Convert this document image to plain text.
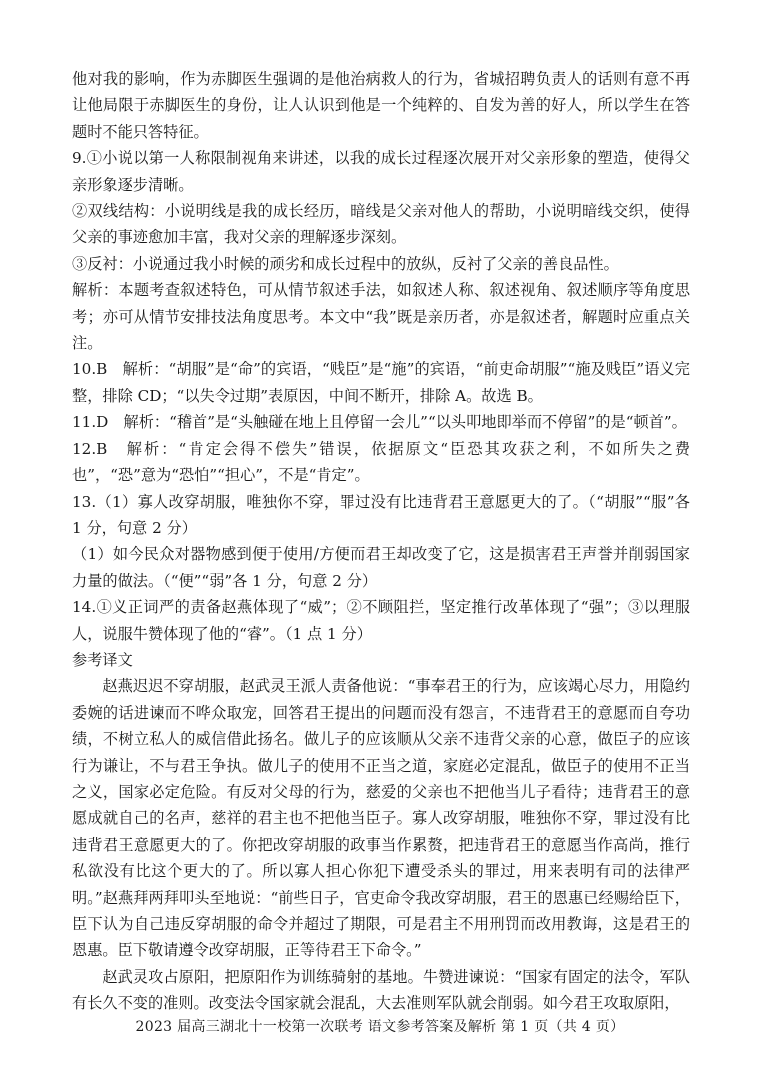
他对我的影响，作为赤脚医生强调的是他治病救人的行为，省城招聘负责人的话则有意不再让他局限于赤脚医生的身份，让人认识到他是一个纯粹的、自发为善的好人，所以学生在答题时不能只答特征。

9.①小说以第一人称限制视角来讲述，以我的成长过程逐次展开对父亲形象的塑造，使得父亲形象逐步清晰。

②双线结构：小说明线是我的成长经历，暗线是父亲对他人的帮助，小说明暗线交织，使得父亲的事迹愈加丰富，我对父亲的理解逐步深刻。

③反衬：小说通过我小时候的顽劣和成长过程中的放纵，反衬了父亲的善良品性。

解析：本题考查叙述特色，可从情节叙述手法，如叙述人称、叙述视角、叙述顺序等角度思考；亦可从情节安排技法角度思考。本文中“我”既是亲历者，亦是叙述者，解题时应重点关注。

10.B　解析：“胡服”是“命”的宾语，“贱臣”是“施”的宾语，“前吏命胡服”“施及贱臣”语义完整，排除 CD；“以失令过期”表原因，中间不断开，排除 A。故选 B。

11.D　解析：“稽首”是“头触碰在地上且停留一会儿”“以头叩地即举而不停留”的是“顿首”。

12.B　解析：“肯定会得不偿失”错误，依据原文“臣恐其攻获之利，不如所失之费也”，“恐”意为“恐怕”“担心”，不是“肯定”。

13.（1）寡人改穿胡服，唯独你不穿，罪过没有比违背君王意愿更大的了。（“胡服”“服”各 1 分，句意 2 分）

（1）如今民众对器物感到便于使用/方便而君王却改变了它，这是损害君王声誉并削弱国家力量的做法。（“便”“弱”各 1 分，句意 2 分）

14.①义正词严的责备赵燕体现了“威”；②不顾阻拦，坚定推行改革体现了“强”；③以理服人，说服牛赞体现了他的“睿”。（1 点 1 分）

参考译文

赵燕迟迟不穿胡服，赵武灵王派人责备他说：“事奉君王的行为，应该竭心尽力，用隐约委婉的话进谏而不哗众取宠，回答君王提出的问题而没有怨言，不违背君王的意愿而自夸功绩，不树立私人的威信借此扬名。做儿子的应该顺从父亲不违背父亲的心意，做臣子的应该行为谦让，不与君王争执。做儿子的使用不正当之道，家庭必定混乱，做臣子的使用不正当之义，国家必定危险。有反对父母的行为，慈爱的父亲也不把他当儿子看待；违背君王的意愿成就自己的名声，慈祥的君主也不把他当臣子。寡人改穿胡服，唯独你不穿，罪过没有比违背君王意愿更大的了。你把改穿胡服的政事当作累赘，把违背君王的意愿当作高尚，推行私欲没有比这个更大的了。所以寡人担心你犯下遭受杀头的罪过，用来表明有司的法律严明。”赵燕拜两拜叩头至地说：“前些日子，官吏命令我改穿胡服，君王的恩惠已经赐给臣下，臣下认为自己违反穿胡服的命令并超过了期限，可是君主不用刑罚而改用教诲，这是君王的恩惠。臣下敬请遵令改穿胡服，正等待君王下命令。”

赵武灵攻占原阳，把原阳作为训练骑射的基地。牛赞进谏说：“国家有固定的法令，军队有长久不变的准则。改变法令国家就会混乱，大去准则军队就会削弱。如今君王攻取原阳，

2023 届高三湖北十一校第一次联考 语文参考答案及解析 第 1 页（共 4 页）
